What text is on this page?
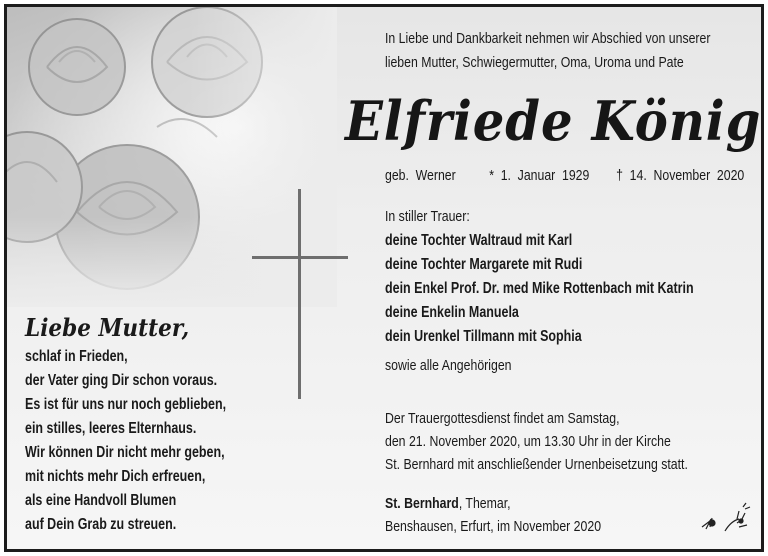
In Liebe und Dankbarkeit nehmen wir Abschied von unserer
lieben Mutter, Schwiegermutter, Oma, Uroma und Pate
Elfriede König
geb. Werner * 1. Januar 1929 † 14. November 2020
In stiller Trauer:
deine Tochter Waltraud mit Karl
deine Tochter Margarete mit Rudi
dein Enkel Prof. Dr. med Mike Rottenbach mit Katrin
deine Enkelin Manuela
dein Urenkel Tillmann mit Sophia
sowie alle Angehörigen
Der Trauergottesdienst findet am Samstag,
den 21. November 2020, um 13.30 Uhr in der Kirche
St. Bernhard mit anschließender Urnenbeisetzung statt.
St. Bernhard, Themar,
Benshausen, Erfurt, im November 2020
Liebe Mutter,
schlaf in Frieden,
der Vater ging Dir schon voraus.
Es ist für uns nur noch geblieben,
ein stilles, leeres Elternhaus.
Wir können Dir nicht mehr geben,
mit nichts mehr Dich erfreuen,
als eine Handvoll Blumen
auf Dein Grab zu streuen.
